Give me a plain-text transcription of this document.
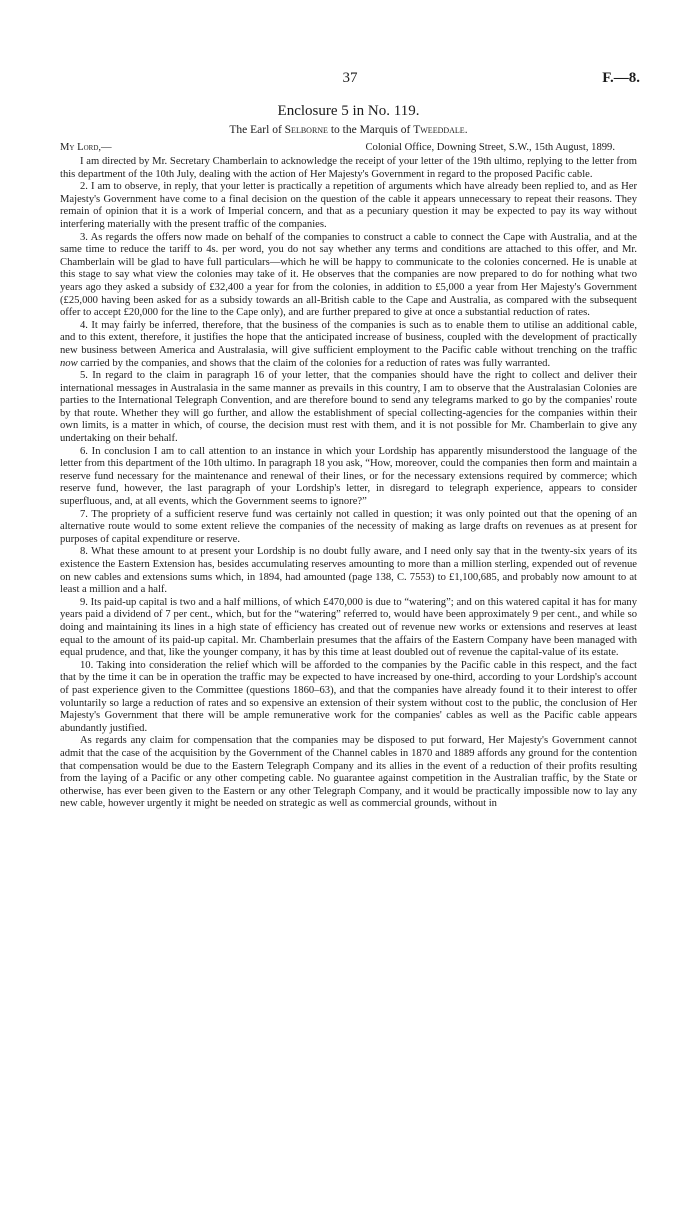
37	F.—8.
Enclosure 5 in No. 119.
The Earl of Selborne to the Marquis of Tweeddale.
My Lord,—	Colonial Office, Downing Street, S.W., 15th August, 1899.

I am directed by Mr. Secretary Chamberlain to acknowledge the receipt of your letter of the 19th ultimo, replying to the letter from this department of the 10th July, dealing with the action of Her Majesty's Government in regard to the proposed Pacific cable.

2. I am to observe, in reply, that your letter is practically a repetition of arguments which have already been replied to, and as Her Majesty's Government have come to a final decision on the question of the cable it appears unnecessary to repeat their reasons. They remain of opinion that it is a work of Imperial concern, and that as a pecuniary question it may be expected to pay its way without interfering materially with the present traffic of the companies.

3. As regards the offers now made on behalf of the companies to construct a cable to connect the Cape with Australia, and at the same time to reduce the tariff to 4s. per word, you do not say whether any terms and conditions are attached to this offer, and Mr. Chamberlain will be glad to have full particulars—which he will be happy to communicate to the colonies concerned. He is unable at this stage to say what view the colonies may take of it. He observes that the companies are now prepared to do for nothing what two years ago they asked a subsidy of £32,400 a year for from the colonies, in addition to £5,000 a year from Her Majesty's Government (£25,000 having been asked for as a subsidy towards an all-British cable to the Cape and Australia, as compared with the subsequent offer to accept £20,000 for the line to the Cape only), and are further prepared to give at once a substantial reduction of rates.

4. It may fairly be inferred, therefore, that the business of the companies is such as to enable them to utilise an additional cable, and to this extent, therefore, it justifies the hope that the anticipated increase of business, coupled with the development of practically new business between America and Australasia, will give sufficient employment to the Pacific cable without trenching on the traffic now carried by the companies, and shows that the claim of the colonies for a reduction of rates was fully warranted.

5. In regard to the claim in paragraph 16 of your letter, that the companies should have the right to collect and deliver their international messages in Australasia in the same manner as prevails in this country, I am to observe that the Australasian Colonies are parties to the International Telegraph Convention, and are therefore bound to send any telegrams marked to go by the companies' route by that route. Whether they will go further, and allow the establishment of special collecting-agencies for the companies within their own limits, is a matter in which, of course, the decision must rest with them, and it is not possible for Mr. Chamberlain to give any undertaking on their behalf.

6. In conclusion I am to call attention to an instance in which your Lordship has apparently misunderstood the language of the letter from this department of the 10th ultimo. In paragraph 18 you ask, “How, moreover, could the companies then form and maintain a reserve fund necessary for the maintenance and renewal of their lines, or for the necessary extensions required by commerce; which reserve fund, however, the last paragraph of your Lordship's letter, in disregard to telegraph experience, appears to consider superfluous, and, at all events, which the Government seems to ignore?”

7. The propriety of a sufficient reserve fund was certainly not called in question; it was only pointed out that the opening of an alternative route would to some extent relieve the companies of the necessity of making as large drafts on revenues as at present for purposes of capital expenditure or reserve.

8. What these amount to at present your Lordship is no doubt fully aware, and I need only say that in the twenty-six years of its existence the Eastern Extension has, besides accumulating reserves amounting to more than a million sterling, expended out of revenue on new cables and extensions sums which, in 1894, had amounted (page 138, C. 7553) to £1,100,685, and probably now amount to at least a million and a half.

9. Its paid-up capital is two and a half millions, of which £470,000 is due to “watering”; and on this watered capital it has for many years paid a dividend of 7 per cent., which, but for the “watering” referred to, would have been approximately 9 per cent., and while so doing and maintaining its lines in a high state of efficiency has created out of revenue new works or extensions and reserves at least equal to the amount of its paid-up capital. Mr. Chamberlain presumes that the affairs of the Eastern Company have been managed with equal prudence, and that, like the younger company, it has by this time at least doubled out of revenue the capital-value of its estate.

10. Taking into consideration the relief which will be afforded to the companies by the Pacific cable in this respect, and the fact that by the time it can be in operation the traffic may be expected to have increased by one-third, according to your Lordship's account of past experience given to the Committee (questions 1860–63), and that the companies have already found it to their interest to offer voluntarily so large a reduction of rates and so expensive an extension of their system without cost to the public, the conclusion of Her Majesty's Government that there will be ample remunerative work for the companies' cables as well as the Pacific cable appears abundantly justified.

As regards any claim for compensation that the companies may be disposed to put forward, Her Majesty's Government cannot admit that the case of the acquisition by the Government of the Channel cables in 1870 and 1889 affords any ground for the contention that compensation would be due to the Eastern Telegraph Company and its allies in the event of a reduction of their profits resulting from the laying of a Pacific or any other competing cable. No guarantee against competition in the Australian traffic, by the State or otherwise, has ever been given to the Eastern or any other Telegraph Company, and it would be practically impossible now to lay any new cable, however urgently it might be needed on strategic as well as commercial grounds, without in
